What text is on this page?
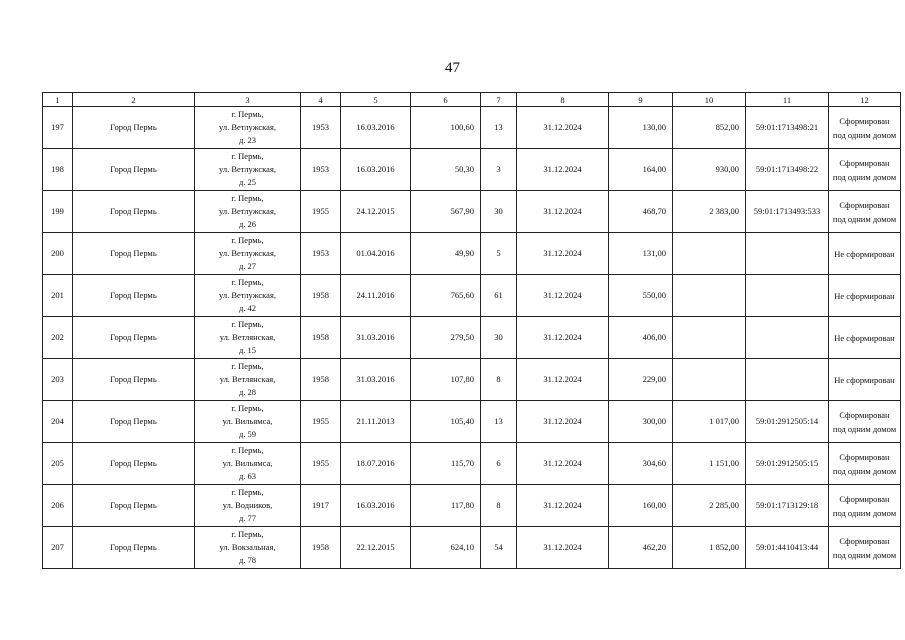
47
1	2	3	4	5	6	7	8	9	10	11	12
197	Город Пермь	г. Пермь,
ул. Ветлужская,
д. 23	1953	16.03.2016	100,60	13	31.12.2024	130,00	852,00	59:01:1713498:21	Сформирован
под одним домом

198	Город Пермь	г. Пермь,
ул. Ветлужская,
д. 25	1953	16.03.2016	50,30	3	31.12.2024	164,00	930,00	59:01:1713498:22	Сформирован
под одним домом

199	Город Пермь	г. Пермь,
ул. Ветлужская,
д. 26	1955	24.12.2015	567,90	30	31.12.2024	468,70	2 383,00	59:01:1713493:533	Сформирован
под одним домом

200	Город Пермь	г. Пермь,
ул. Ветлужская,
д. 27	1953	01.04.2016	49,90	5	31.12.2024	131,00			Не сформирован

201	Город Пермь	г. Пермь,
ул. Ветлужская,
д. 42	1958	24.11.2016	765,60	61	31.12.2024	550,00			Не сформирован

202	Город Пермь	г. Пермь,
ул. Ветлянская,
д. 15	1958	31.03.2016	279,50	30	31.12.2024	406,00			Не сформирован

203	Город Пермь	г. Пермь,
ул. Ветлянская,
д. 28	1958	31.03.2016	107,80	8	31.12.2024	229,00			Не сформирован

204	Город Пермь	г. Пермь,
ул. Вильямса,
д. 59	1955	21.11.2013	105,40	13	31.12.2024	300,00	1 017,00	59:01:2912505:14	Сформирован
под одним домом

205	Город Пермь	г. Пермь,
ул. Вильямса,
д. 63	1955	18.07.2016	115,70	6	31.12.2024	304,60	1 151,00	59:01:2912505:15	Сформирован
под одним домом

206	Город Пермь	г. Пермь,
ул. Водников,
д. 77	1917	16.03.2016	117,80	8	31.12.2024	160,00	2 285,00	59:01:1713129:18	Сформирован
под одним домом

207	Город Пермь	г. Пермь,
ул. Вокзальная,
д. 78	1958	22.12.2015	624,10	54	31.12.2024	462,20	1 852,00	59:01:4410413:44	Сформирован
под одним домом
